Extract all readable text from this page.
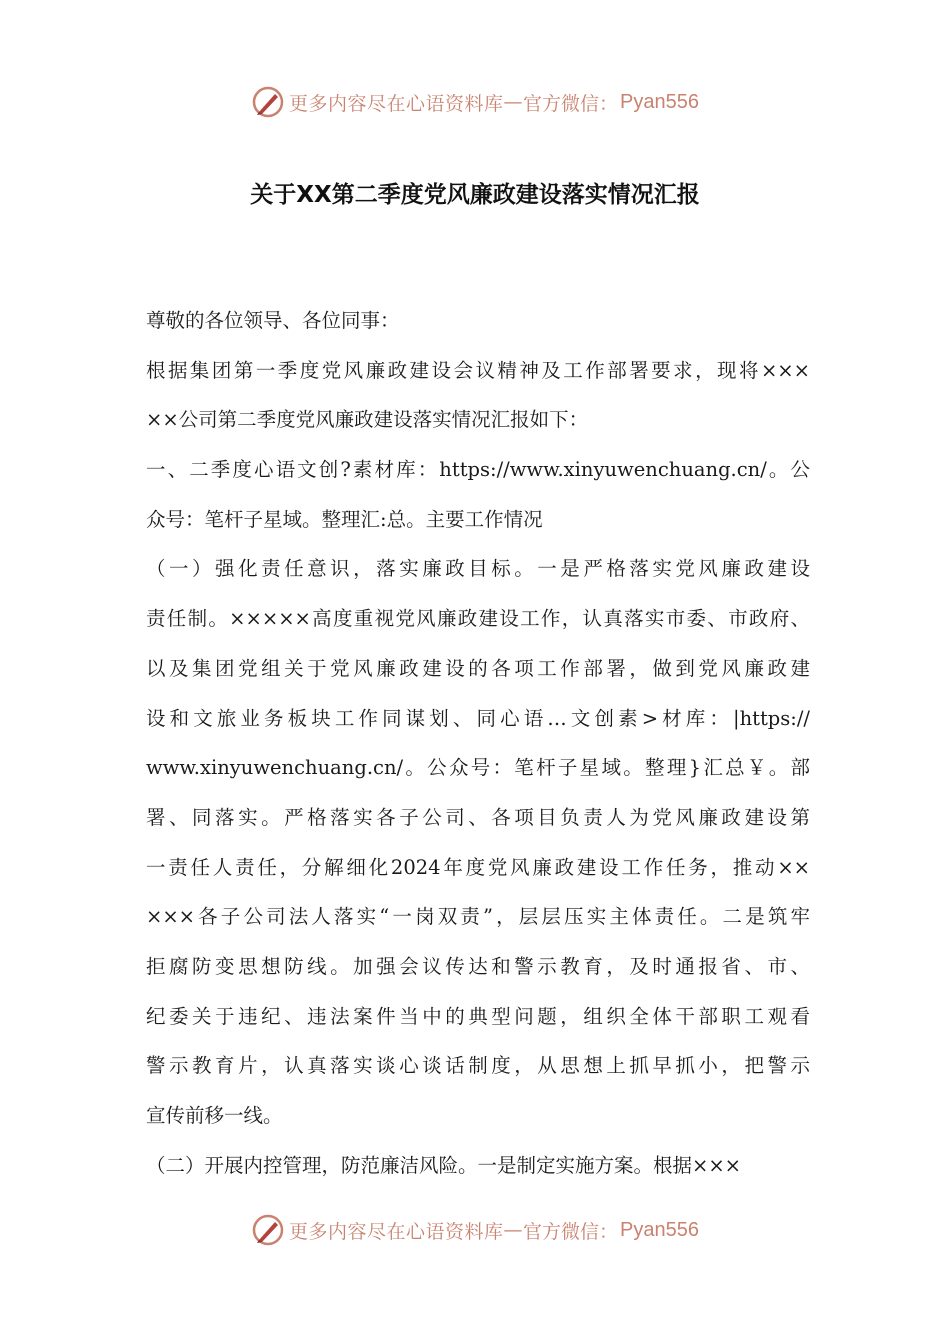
更多内容尽在心语资料库 — 官方微信： Pyan556
关于XX第二季度党风廉政建设落实情况汇报
尊敬的各位领导、各位同事：
根据集团第一季度党风廉政建设会议精神及工作部署要求，现将×××
××公司第二季度党风廉政建设落实情况汇报如下：
一、二季度心语文创?素材库：https://www.xinyuwenchuang.cn/。公
众号：笔杆子星域。整理汇:总。主要工作情况
（一）强化责任意识，落实廉政目标。一是严格落实党风廉政建设
责任制。×××××高度重视党风廉政建设工作，认真落实市委、市政府、
以及集团党组关于党风廉政建设的各项工作部署，做到党风廉政建
设和文旅业务板块工作同谋划、同心语…文创素>材库：|https://
www.xinyuwenchuang.cn/。公众号：笔杆子星域。整理}汇总￥。部
署、同落实。严格落实各子公司、各项目负责人为党风廉政建设第
一责任人责任，分解细化2024年度党风廉政建设工作任务，推动××
×××各子公司法人落实“一岗双责”，层层压实主体责任。二是筑牢
拒腐防变思想防线。加强会议传达和警示教育，及时通报省、市、
纪委关于违纪、违法案件当中的典型问题，组织全体干部职工观看
警示教育片，认真落实谈心谈话制度，从思想上抓早抓小，把警示
宣传前移一线。
（二）开展内控管理，防范廉洁风险。一是制定实施方案。根据×××
更多内容尽在心语资料库 — 官方微信： Pyan556
